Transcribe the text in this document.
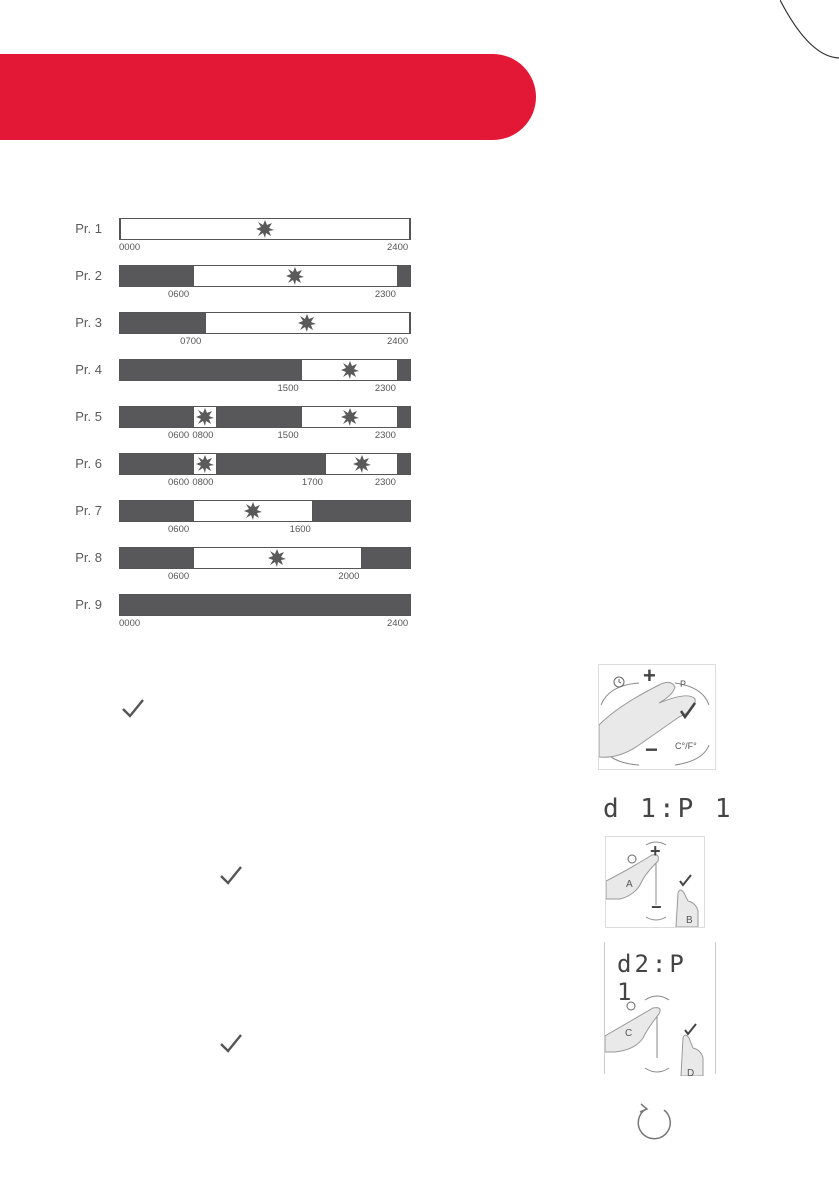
Pr. 1
0000	2400
Pr. 2
0600	2300
Pr. 3
0700	2400
Pr. 4
1500	2300
Pr. 5
0600 0800	1500	2300
Pr. 6
0600 0800	1700	2300
Pr. 7
0600	1600
Pr. 8
0600	2000
Pr. 9
0000	2400
+	P
− C°/F°
d 1:P 1
+
−
A
B
d2:P 1
C
D
